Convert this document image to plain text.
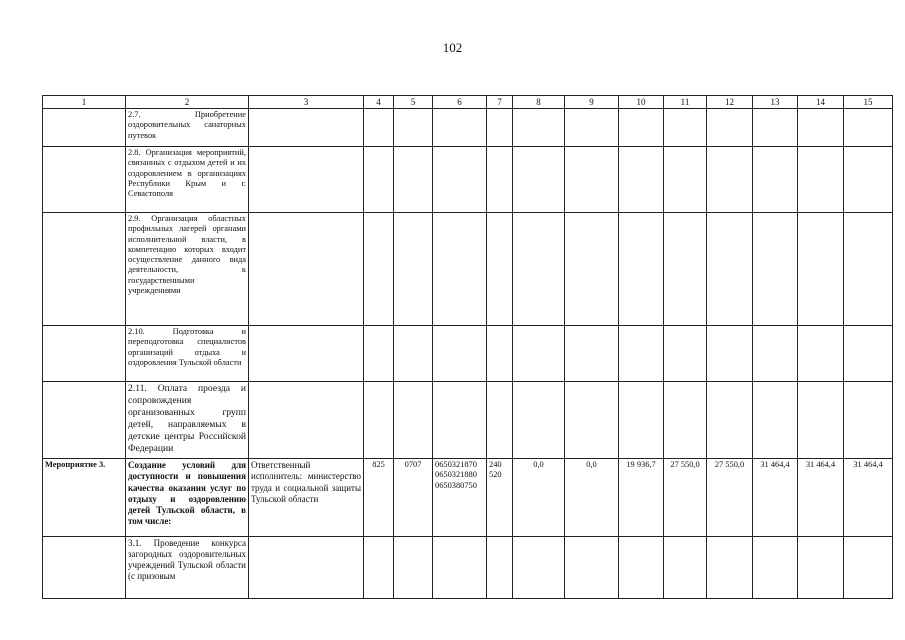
102
1	2	3	4	5	6	7	8	9	10	11	12	13	14	15
	2.7. Приобретение оздоровительных санаторных путевок													
	2.8. Организация мероприятий, связанных с отдыхом детей и их оздоровлением в организациях Республики Крым и г. Севастополя													
	2.9. Организация областных профильных лагерей органами исполнительной власти, в компетенцию которых входит осуществление данного вида деятельности, к государственными учреждениями													
	2.10. Подготовка и переподготовка специалистов организаций отдыха и оздоровления Тульской области													
	2.11. Оплата проезда и сопровождения организованных групп детей, направляемых в детские центры Российской Федерации													
Мероприятие 3.	Создание условий для доступности и повышения качества оказания услуг по отдыху и оздоровлению детей Тульской области, в том числе:	Ответственный исполнитель: министерство труда и социальной защиты Тульской области	825	0707	0650321870
0650321880
0650380750	240
520	0,0	0,0	19 936,7	27 550,0	27 550,0	31 464,4	31 464,4	31 464,4
	3.1. Проведение конкурса загородных оздоровительных учреждений Тульской области (с призовым													
